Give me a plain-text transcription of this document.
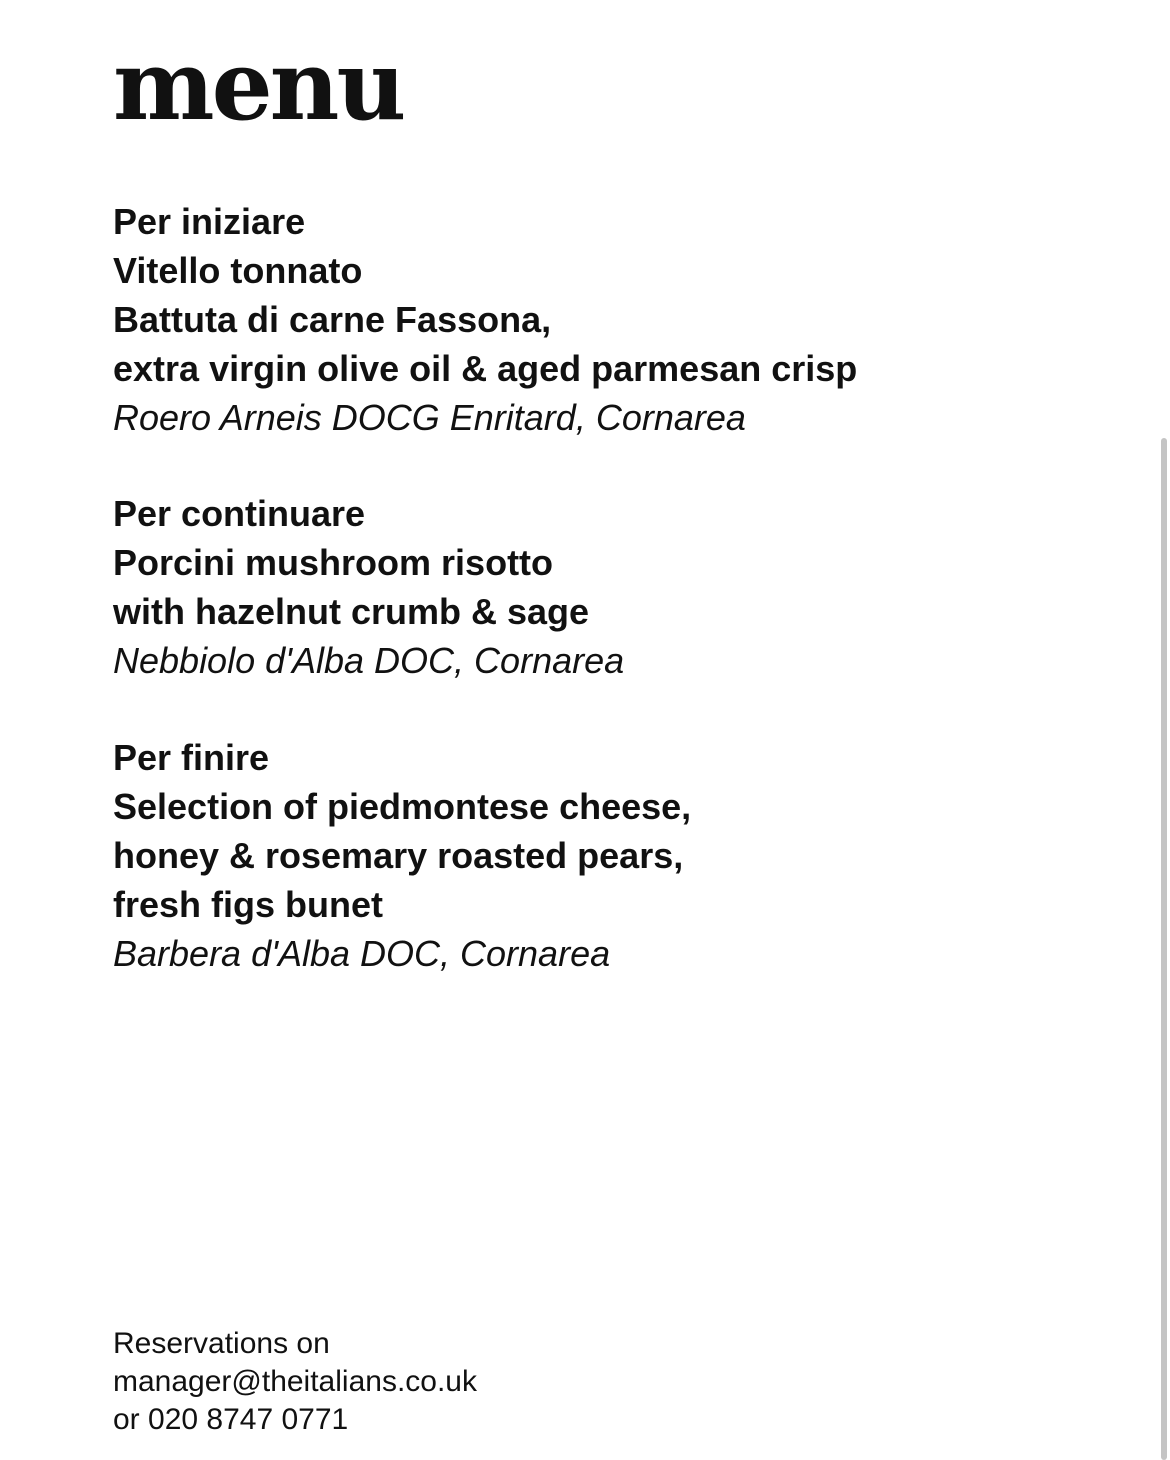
menu
Per iniziare
Vitello tonnato
Battuta di carne Fassona,
extra virgin olive oil & aged parmesan crisp
Roero Arneis DOCG Enritard, Cornarea
Per continuare
Porcini mushroom risotto
with hazelnut crumb & sage
Nebbiolo d'Alba DOC, Cornarea
Per finire
Selection of piedmontese cheese,
honey & rosemary roasted pears,
fresh figs bunet
Barbera d'Alba DOC, Cornarea
Reservations on
manager@theitalians.co.uk
or 020 8747 0771
